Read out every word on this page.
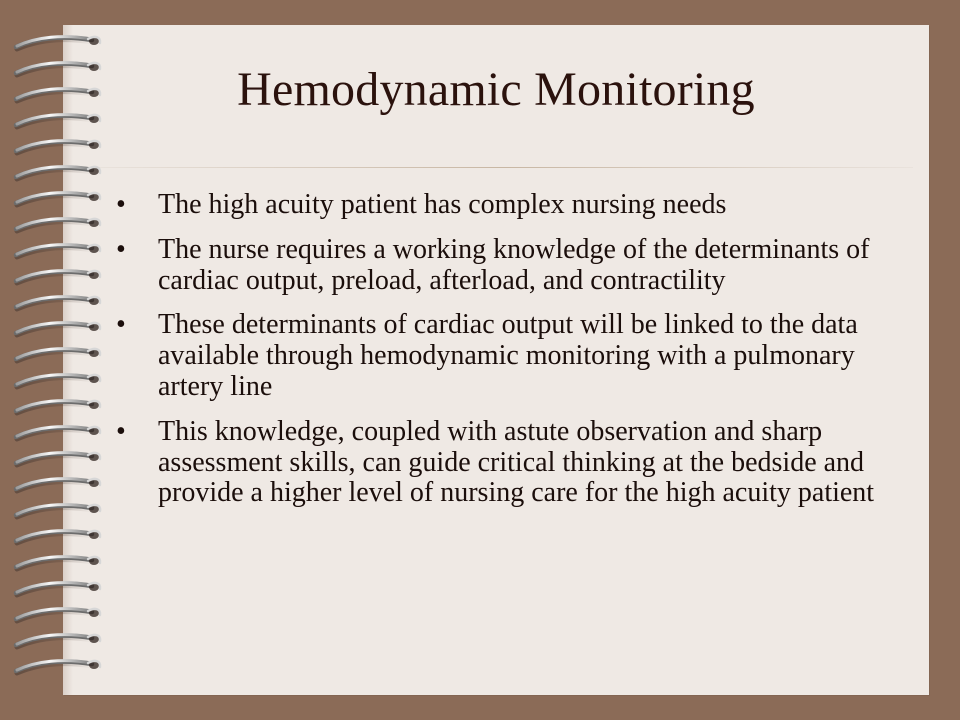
Hemodynamic Monitoring
•	The high acuity patient has complex nursing needs
•	The nurse requires a working knowledge of the determinants of cardiac output, preload, afterload, and contractility
•	These determinants of cardiac output will be linked to the data available through hemodynamic monitoring with a pulmonary artery line
•	This knowledge, coupled with astute observation and sharp assessment skills, can guide critical thinking at the bedside and provide a higher level of nursing care for the high acuity patient
